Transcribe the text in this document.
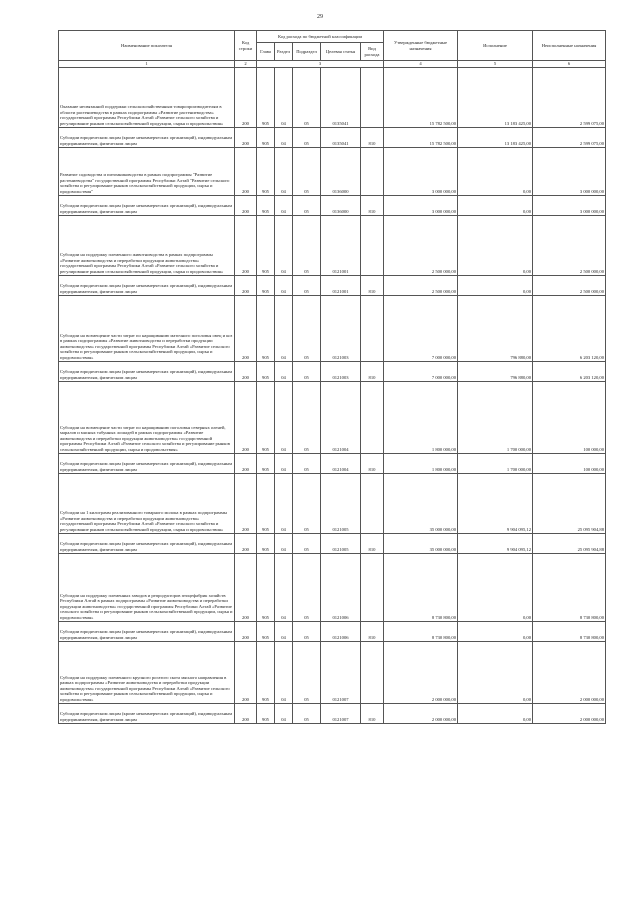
29
Наименование показателя	Код строки	Код расхода по бюджетной классификации					Утвержденные бюджетные назначения	Исполнение	Неисполненные назначения
		Глава	Раздел	Подраздел	Целевая статья	Вид расхода			
1	2	3					4	5	6
Оказание несвязанной поддержки сельскохозяйственным товаропроизводителям в области растениеводства в рамках подпрограммы «Развитие растениеводства» государственной программы Республики Алтай «Развитие сельского хозяйства и регулирование рынков сельскохозяйственной продукции, сырья и продовольствия»	200	905	04	05	0135041		15 782 500,00	13 183 425,00	2 599 075,00
Субсидии юридическим лицам (кроме некоммерческих организаций), индивидуальным предпринимателям, физическим лицам	200	905	04	05	0135041	810	15 782 500,00	13 183 425,00	2 599 075,00
Развитие садоводства и питомниководства в рамках подпрограммы "Развитие растениеводства" государственной программы Республики Алтай "Развитие сельского хозяйства и регулирование рынков сельскохозяйственной продукции, сырья и продовольствия"	200	905	04	05	0136000		3 000 000,00	0,00	3 000 000,00
Субсидии юридическим лицам (кроме некоммерческих организаций), индивидуальным предпринимателям, физическим лицам	200	905	04	05	0136000	810	3 000 000,00	0,00	3 000 000,00
Субсидии на поддержку племенного животноводства в рамках подпрограммы «Развитие животноводства и переработки продукции животноводства» государственной программы Республики Алтай «Развитие сельского хозяйства и регулирование рынков сельскохозяйственной продукции, сырья и продовольствия»	200	905	04	05	0121001		2 500 000,00	0,00	2 500 000,00
Субсидии юридическим лицам (кроме некоммерческих организаций), индивидуальным предпринимателям, физическим лицам	200	905	04	05	0121001	810	2 500 000,00	0,00	2 500 000,00
Субсидии на возмещение части затрат по наращиванию маточного поголовья овец и коз в рамках подпрограммы «Развитие животноводства и переработки продукции животноводства» государственной программы Республики Алтай «Развитие сельского хозяйства и регулирование рынков сельскохозяйственной продукции, сырья и продовольствия»	200	905	04	05	0121003		7 000 000,00	796 880,00	6 203 120,00
Субсидии юридическим лицам (кроме некоммерческих организаций), индивидуальным предпринимателям, физическим лицам	200	905	04	05	0121003	810	7 000 000,00	796 880,00	6 203 120,00
Субсидии на возмещение части затрат по наращиванию поголовья северных оленей, маралов и мясных табунных лошадей в рамках подпрограммы «Развитие животноводства и переработки продукции животноводства» государственной программы Республики Алтай «Развитие сельского хозяйства и регулирование рынков сельскохозяйственной продукции, сырья и продовольствия»	200	905	04	05	0121004		1 800 000,00	1 700 000,00	100 000,00
Субсидии юридическим лицам (кроме некоммерческих организаций), индивидуальным предпринимателям, физическим лицам	200	905	04	05	0121004	810	1 800 000,00	1 700 000,00	100 000,00
Субсидии на 1 килограмм реализованного товарного молока в рамках подпрограммы «Развитие животноводства и переработки продукции животноводства» государственной программы Республики Алтай «Развитие сельского хозяйства и регулирование рынков сельскохозяйственной продукции, сырья и продовольствия»	200	905	04	05	0121005		35 000 000,00	9 904 095,12	25 095 904,88
Субсидии юридическим лицам (кроме некоммерческих организаций), индивидуальным предпринимателям, физическим лицам	200	905	04	05	0121005	810	35 000 000,00	9 904 095,12	25 095 904,88
Субсидии на поддержку племенных заводов и репродукторов птицефабрик хозяйств Республики Алтай в рамках подпрограммы «Развитие животноводства и переработки продукции животноводства» государственной программы Республики Алтай «Развитие сельского хозяйства и регулирование рынков сельскохозяйственной продукции, сырья и продовольствия»	200	905	04	05	0121006		8 730 800,00	0,00	8 730 800,00
Субсидии юридическим лицам (кроме некоммерческих организаций), индивидуальным предпринимателям, физическим лицам	200	905	04	05	0121006	810	8 730 800,00	0,00	8 730 800,00
Субсидии на поддержку племенного крупного рогатого скота мясного направления в рамках подпрограммы «Развитие животноводства и переработки продукции животноводства» государственной программы Республики Алтай «Развитие сельского хозяйства и регулирование рынков сельскохозяйственной продукции, сырья и продовольствия»	200	905	04	05	0121007		2 000 000,00	0,00	2 000 000,00
Субсидии юридическим лицам (кроме некоммерческих организаций), индивидуальным предпринимателям, физическим лицам	200	905	04	05	0121007	810	2 000 000,00	0,00	2 000 000,00
